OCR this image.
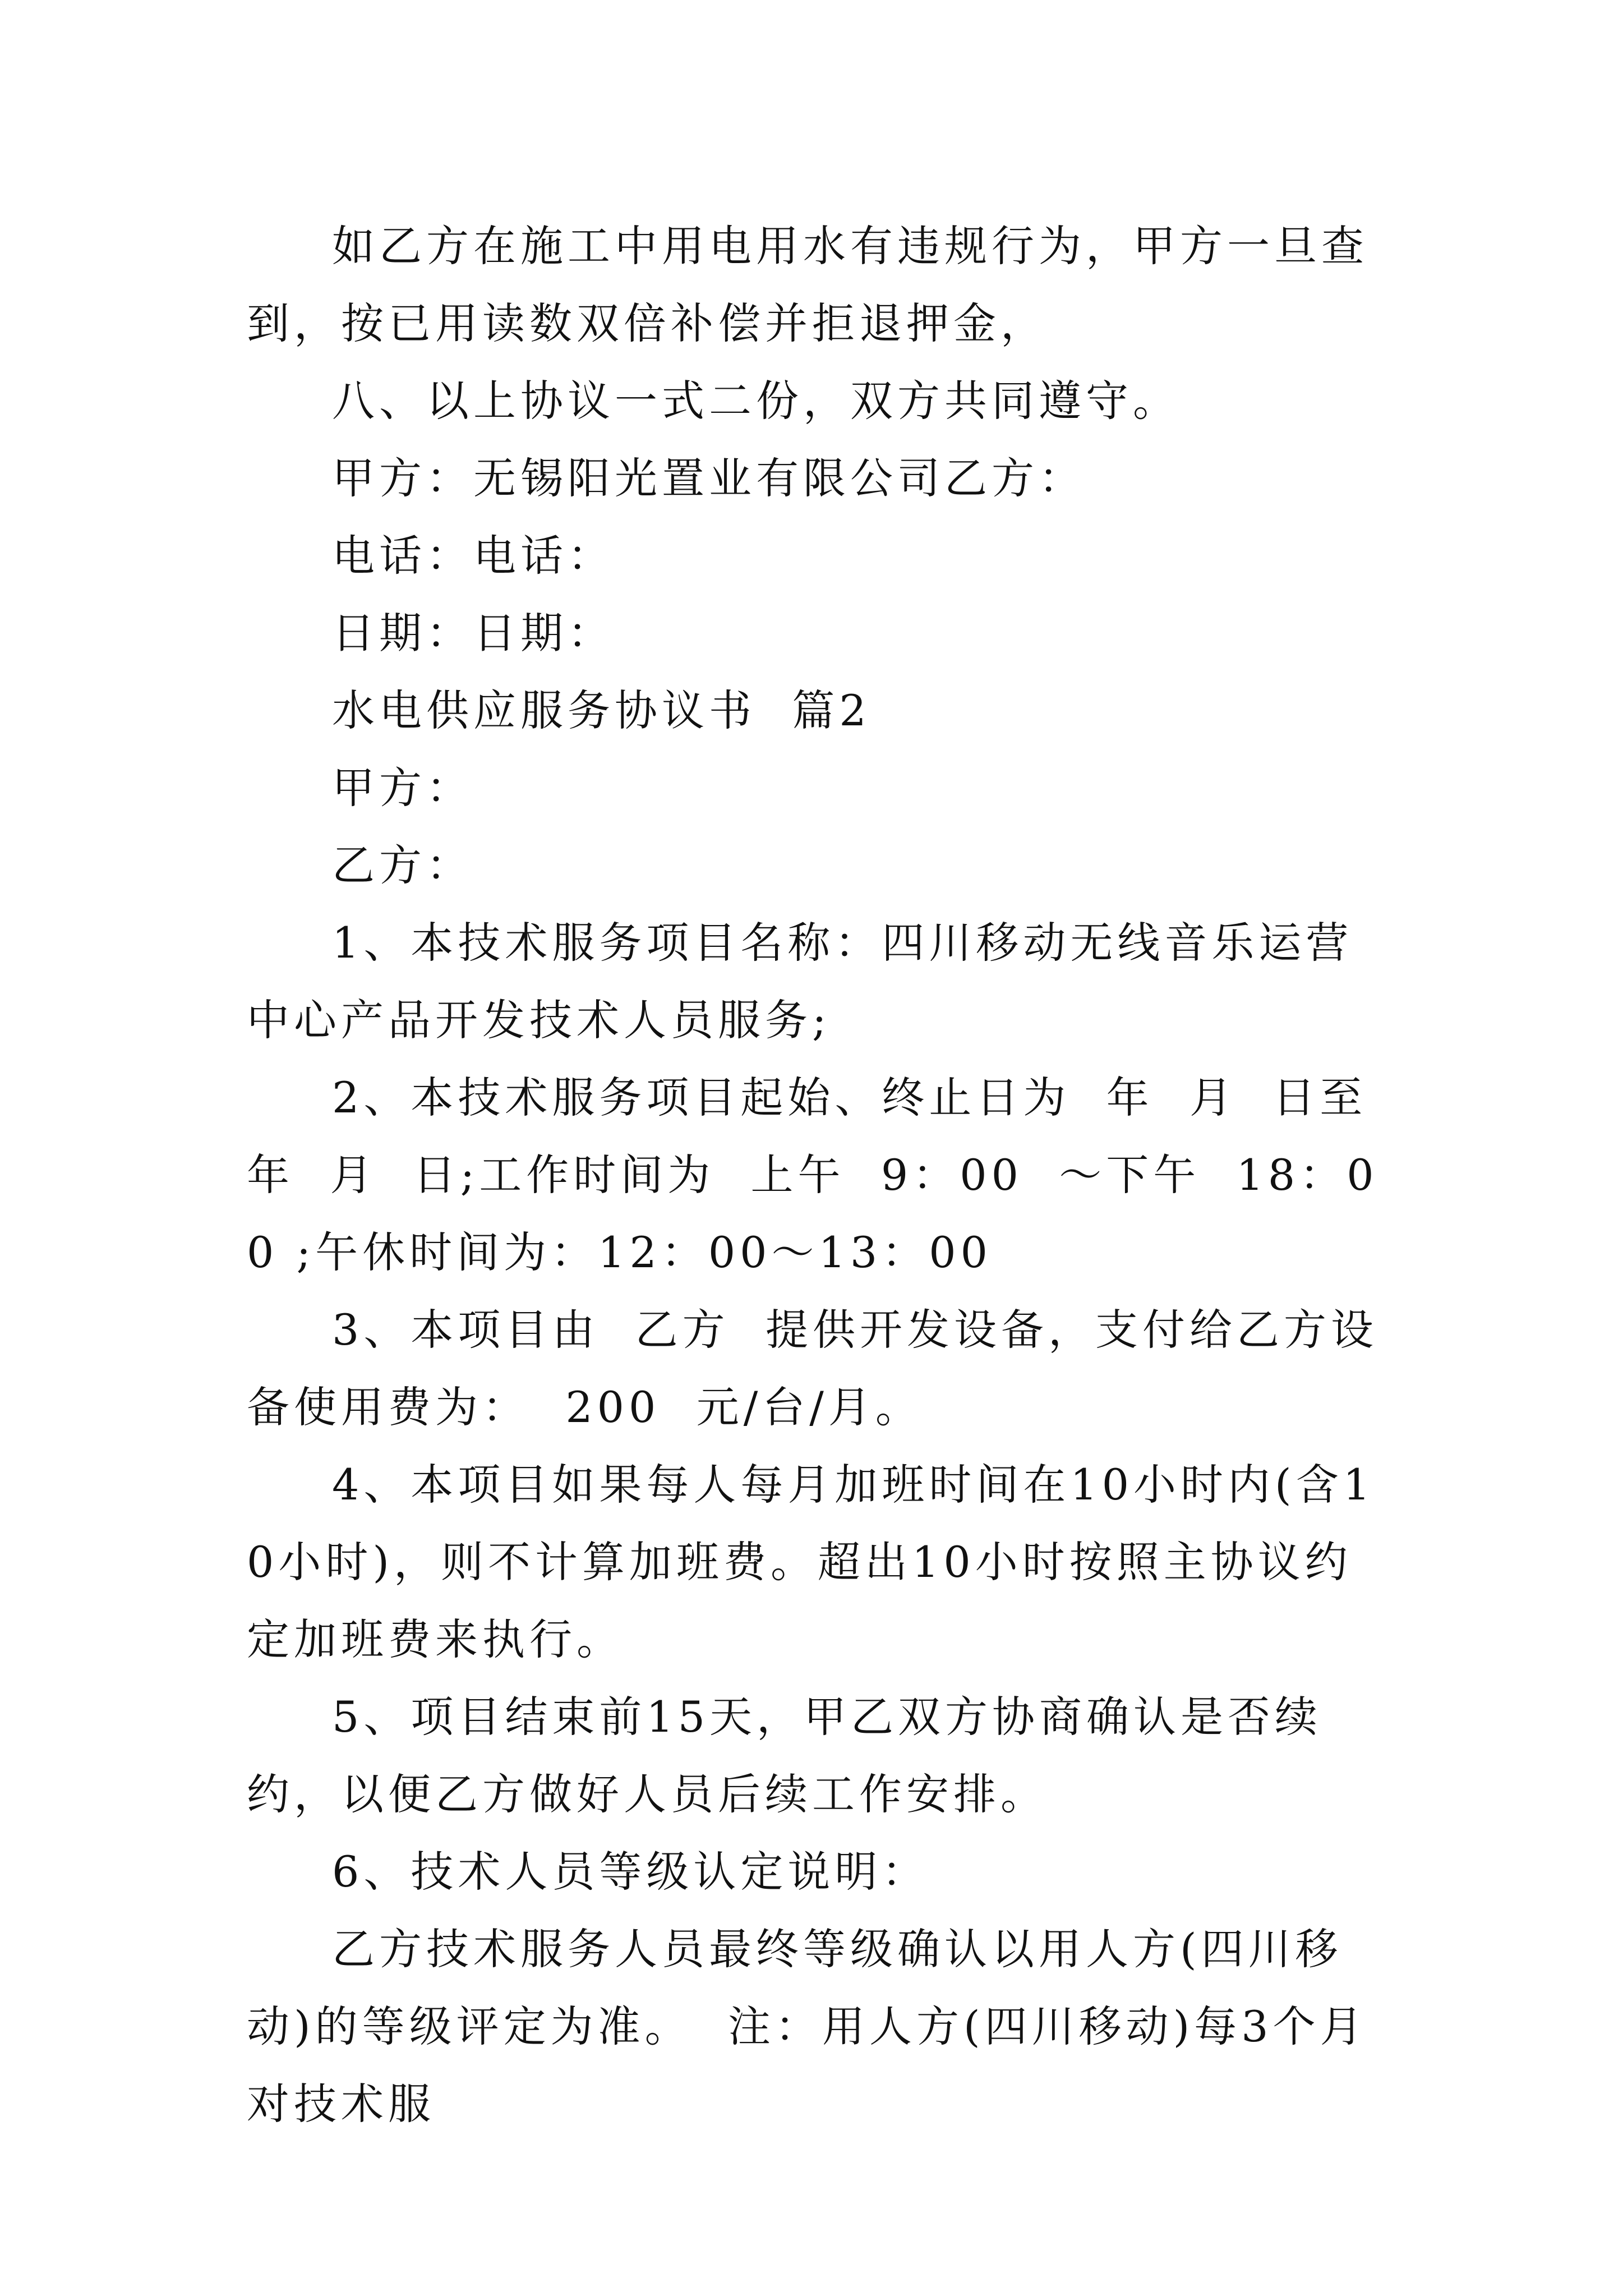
如乙方在施工中用电用水有违规行为，甲方一旦查到，按已用读数双倍补偿并拒退押金，

八、以上协议一式二份，双方共同遵守。

甲方：无锡阳光置业有限公司乙方：

电话：电话：

日期：日期：

水电供应服务协议书  篇2

甲方：

乙方：

1、本技术服务项目名称：四川移动无线音乐运营中心产品开发技术人员服务;

2、本技术服务项目起始、终止日为  年  月  日至  年  月  日;工作时间为  上午  9：00  ～下午  18：00 ;午休时间为：12：00～13：00

3、本项目由  乙方  提供开发设备，支付给乙方设备使用费为：  200  元/台/月。

4、本项目如果每人每月加班时间在10小时内(含10小时)，则不计算加班费。超出10小时按照主协议约定加班费来执行。

5、项目结束前15天，甲乙双方协商确认是否续约，以便乙方做好人员后续工作安排。

6、技术人员等级认定说明：

乙方技术服务人员最终等级确认以用人方(四川移动)的等级评定为准。  注：用人方(四川移动)每3个月对技术服
